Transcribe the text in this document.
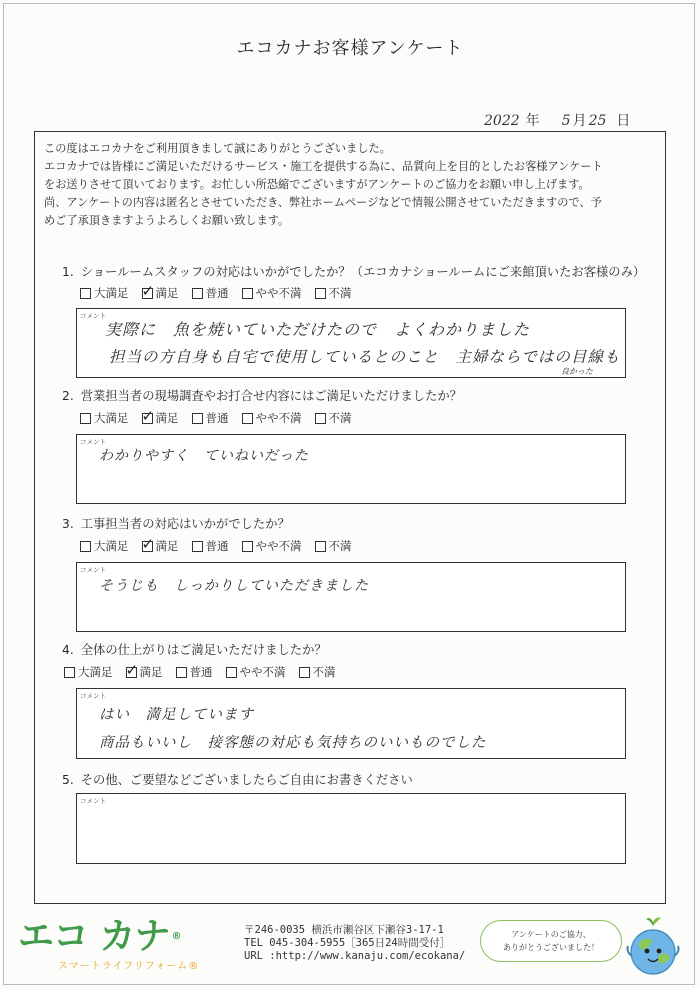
エコカナお客様アンケート
2022 年 5 月 25 日
この度はエコカナをご利用頂きまして誠にありがとうございました。
エコカナでは皆様にご満足いただけるサービス・施工を提供する為に、品質向上を目的としたお客様アンケート
をお送りさせて頂いております。お忙しい所恐縮でございますがアンケートのご協力をお願い申し上げます。
尚、アンケートの内容は匿名とさせていただき、弊社ホームページなどで情報公開させていただきますので、予
めご了承頂きますようよろしくお願い致します。
1. ショールームスタッフの対応はいかがでしたか？（エコカナショールームにご来館頂いたお客様のみ）
大満足 ✓ 満足 普通 やや不満 不満
コメント
実際に　魚を焼いていただけたので　よくわかりました
担当の方自身も自宅で使用しているとのこと　主婦ならではの目線も
良かった
2. 営業担当者の現場調査やお打合せ内容にはご満足いただけましたか？
大満足 ✓ 満足 普通 やや不満 不満
コメント
わかりやすく　ていねいだった
3. 工事担当者の対応はいかがでしたか？
大満足 ✓ 満足 普通 やや不満 不満
コメント
そうじも　しっかりしていただきました
4. 全体の仕上がりはご満足いただけましたか？
大満足 ✓ 満足 普通 やや不満 不満
コメント
はい　満足しています
商品もいいし　接客態の対応も気持ちのいいものでした
5. その他、ご要望などございましたらご自由にお書きください
コメント
エコ カナ ®
スマートライフリフォーム®
〒246-0035 横浜市瀬谷区下瀬谷3-17-1
TEL 045-304-5955［365日24時間受付］
URL :http://www.kanaju.com/ecokana/
アンケートのご協力、
ありがとうございました！
